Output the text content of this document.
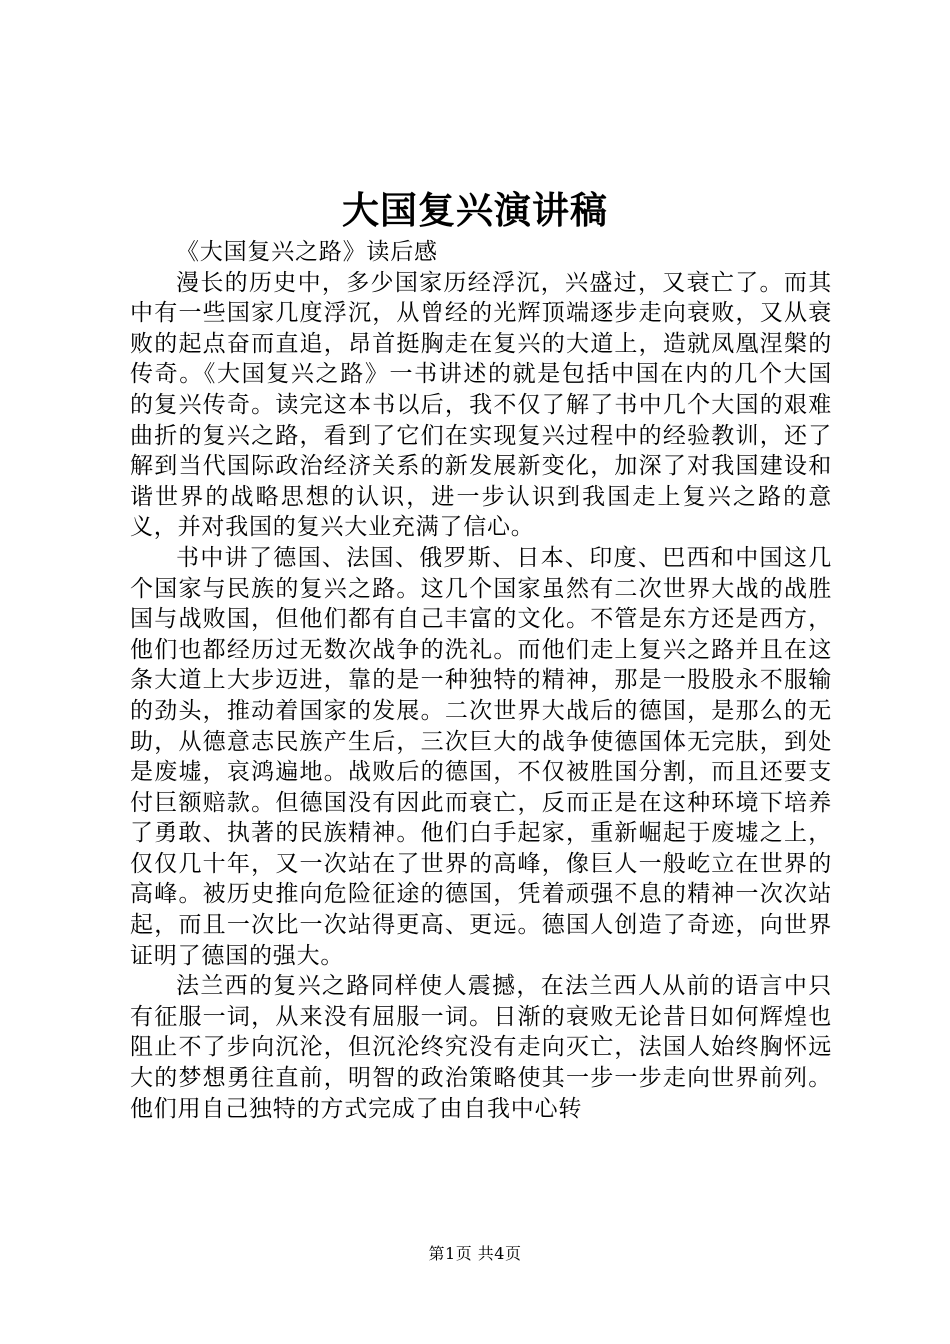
大国复兴演讲稿

《大国复兴之路》读后感

漫长的历史中，多少国家历经浮沉，兴盛过，又衰亡了。而其中有一些国家几度浮沉，从曾经的光辉顶端逐步走向衰败，又从衰败的起点奋而直追，昂首挺胸走在复兴的大道上，造就凤凰涅槃的传奇。《大国复兴之路》一书讲述的就是包括中国在内的几个大国的复兴传奇。读完这本书以后，我不仅了解了书中几个大国的艰难曲折的复兴之路，看到了它们在实现复兴过程中的经验教训，还了解到当代国际政治经济关系的新发展新变化，加深了对我国建设和谐世界的战略思想的认识，进一步认识到我国走上复兴之路的意义，并对我国的复兴大业充满了信心。

书中讲了德国、法国、俄罗斯、日本、印度、巴西和中国这几个国家与民族的复兴之路。这几个国家虽然有二次世界大战的战胜国与战败国，但他们都有自己丰富的文化。不管是东方还是西方，他们也都经历过无数次战争的洗礼。而他们走上复兴之路并且在这条大道上大步迈进，靠的是一种独特的精神，那是一股股永不服输的劲头，推动着国家的发展。二次世界大战后的德国，是那么的无助，从德意志民族产生后，三次巨大的战争使德国体无完肤，到处是废墟，哀鸿遍地。战败后的德国，不仅被胜国分割，而且还要支付巨额赔款。但德国没有因此而衰亡，反而正是在这种环境下培养了勇敢、执著的民族精神。他们白手起家，重新崛起于废墟之上，仅仅几十年，又一次站在了世界的高峰，像巨人一般屹立在世界的高峰。被历史推向危险征途的德国，凭着顽强不息的精神一次次站起，而且一次比一次站得更高、更远。德国人创造了奇迹，向世界证明了德国的强大。

法兰西的复兴之路同样使人震撼，在法兰西人从前的语言中只有征服一词，从来没有屈服一词。日渐的衰败无论昔日如何辉煌也阻止不了步向沉沦，但沉沦终究没有走向灭亡，法国人始终胸怀远大的梦想勇往直前，明智的政治策略使其一步一步走向世界前列。他们用自己独特的方式完成了由自我中心转

第1页 共4页
